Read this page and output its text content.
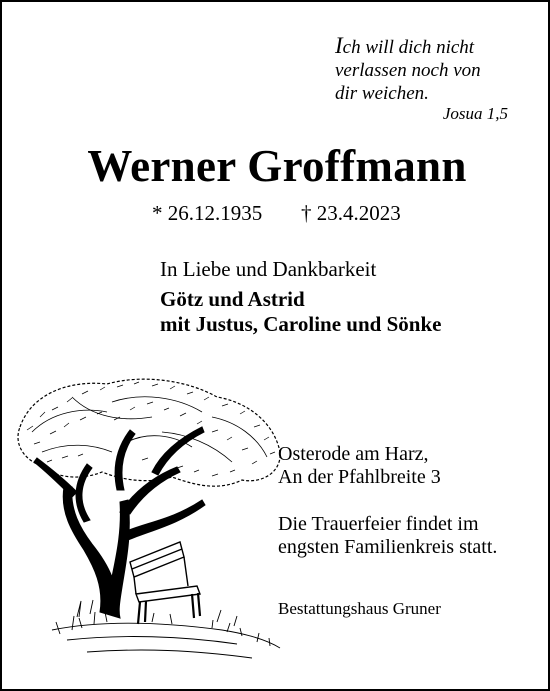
Ich will dich nicht
verlassen noch von
dir weichen.
Josua 1,5
Werner Groffmann
* 26.12.1935 † 23.4.2023
In Liebe und Dankbarkeit
Götz und Astrid
mit Justus, Caroline und Sönke
Osterode am Harz,
An der Pfahlbreite 3
Die Trauerfeier findet im
engsten Familienkreis statt.
Bestattungshaus Gruner
